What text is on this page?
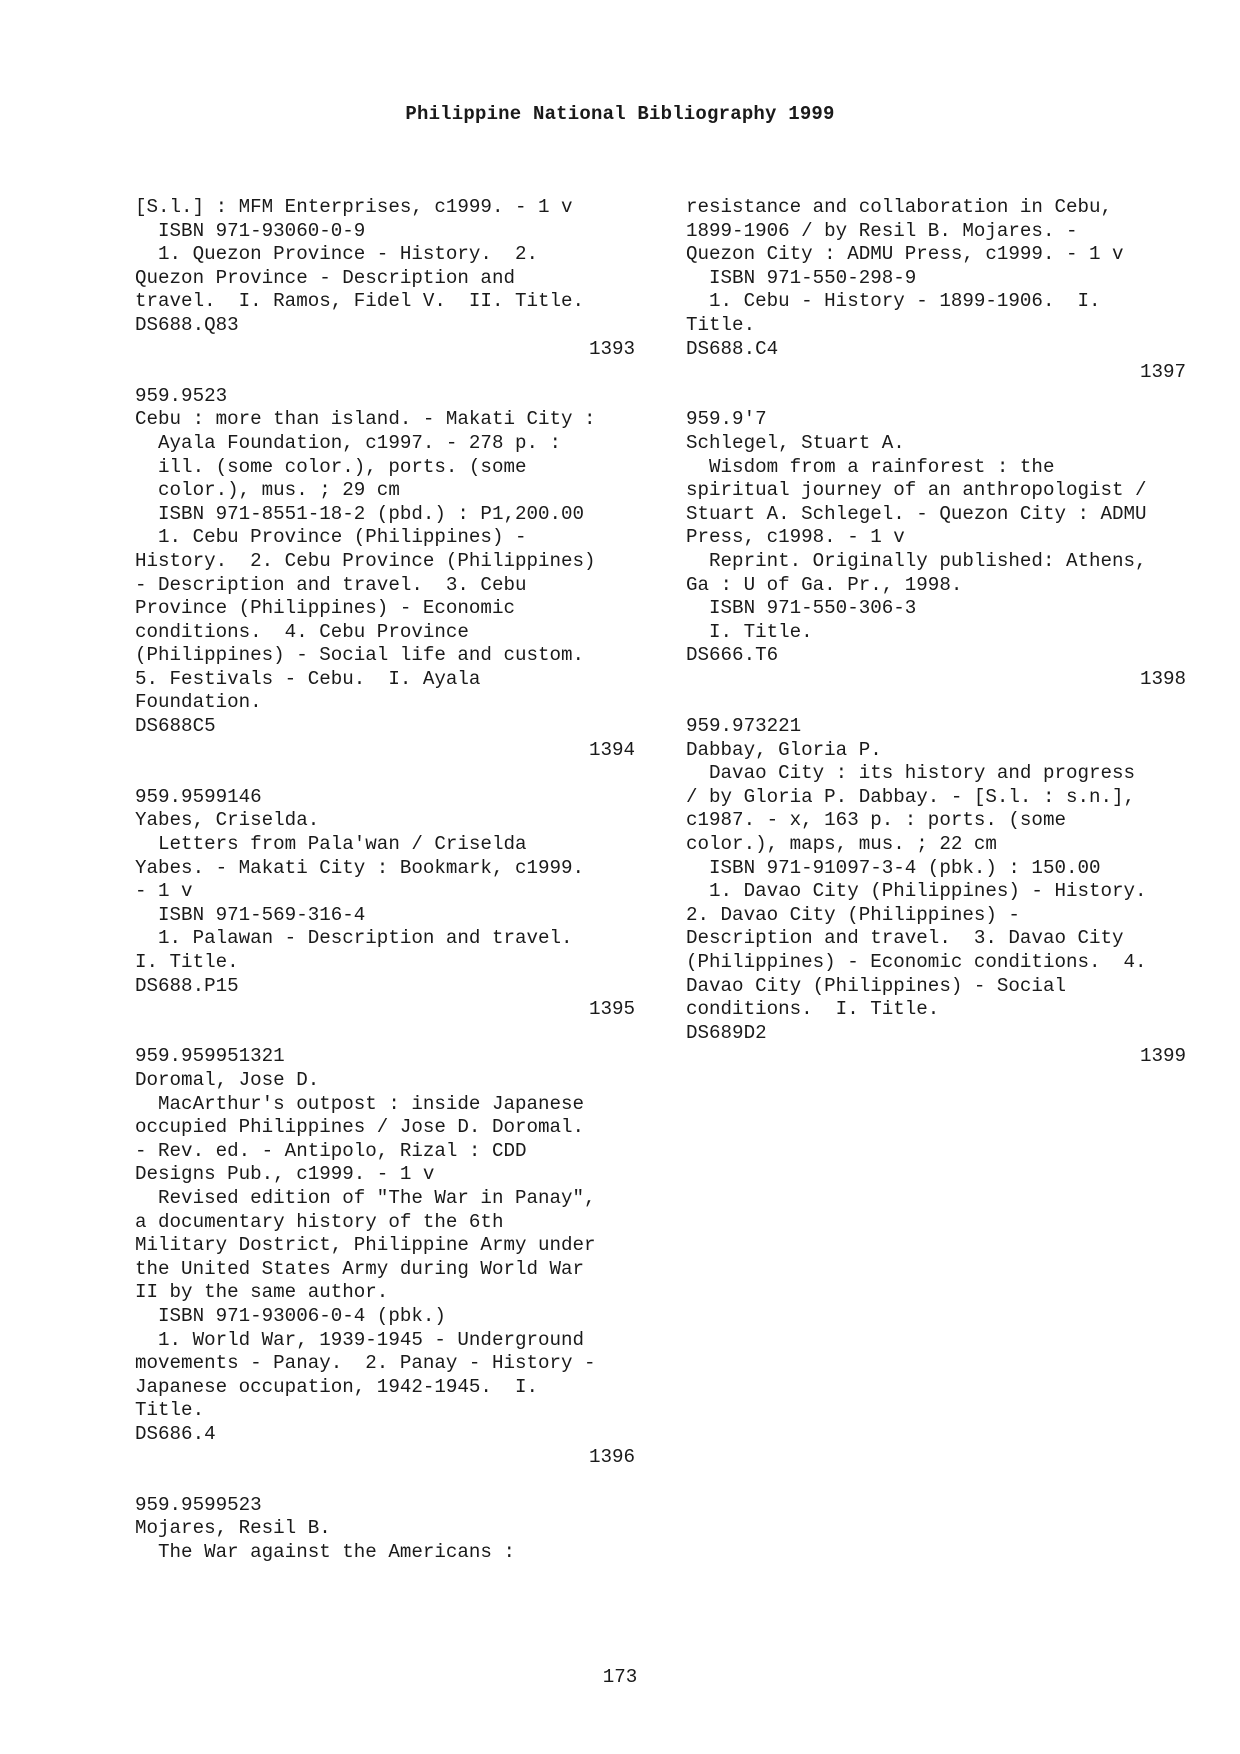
Philippine National Bibliography 1999
[S.l.] : MFM Enterprises, c1999. - 1 v
ISBN 971-93060-0-9
1. Quezon Province - History.  2.
Quezon Province - Description and
travel.  I. Ramos, Fidel V.  II. Title.
DS688.Q83
1393
959.9523
Cebu : more than island. - Makati City :
Ayala Foundation, c1997. - 278 p. :
ill. (some color.), ports. (some
color.), mus. ; 29 cm
ISBN 971-8551-18-2 (pbd.) : P1,200.00
1. Cebu Province (Philippines) -
History.  2. Cebu Province (Philippines)
- Description and travel.  3. Cebu
Province (Philippines) - Economic
conditions.  4. Cebu Province
(Philippines) - Social life and custom.
5. Festivals - Cebu.  I. Ayala
Foundation.
DS688C5
1394
959.9599146
Yabes, Criselda.
Letters from Pala'wan / Criselda
Yabes. - Makati City : Bookmark, c1999.
- 1 v
ISBN 971-569-316-4
1. Palawan - Description and travel.
I. Title.
DS688.P15
1395
959.959951321
Doromal, Jose D.
MacArthur's outpost : inside Japanese
occupied Philippines / Jose D. Doromal.
- Rev. ed. - Antipolo, Rizal : CDD
Designs Pub., c1999. - 1 v
Revised edition of "The War in Panay",
a documentary history of the 6th
Military Dostrict, Philippine Army under
the United States Army during World War
II by the same author.
ISBN 971-93006-0-4 (pbk.)
1. World War, 1939-1945 - Underground
movements - Panay.  2. Panay - History -
Japanese occupation, 1942-1945.  I.
Title.
DS686.4
1396
959.9599523
Mojares, Resil B.
The War against the Americans :
resistance and collaboration in Cebu,
1899-1906 / by Resil B. Mojares. -
Quezon City : ADMU Press, c1999. - 1 v
ISBN 971-550-298-9
1. Cebu - History - 1899-1906.  I.
Title.
DS688.C4
1397
959.9'7
Schlegel, Stuart A.
Wisdom from a rainforest : the
spiritual journey of an anthropologist /
Stuart A. Schlegel. - Quezon City : ADMU
Press, c1998. - 1 v
Reprint. Originally published: Athens,
Ga : U of Ga. Pr., 1998.
ISBN 971-550-306-3
I. Title.
DS666.T6
1398
959.973221
Dabbay, Gloria P.
Davao City : its history and progress
/ by Gloria P. Dabbay. - [S.l. : s.n.],
c1987. - x, 163 p. : ports. (some
color.), maps, mus. ; 22 cm
ISBN 971-91097-3-4 (pbk.) : 150.00
1. Davao City (Philippines) - History.
2. Davao City (Philippines) -
Description and travel.  3. Davao City
(Philippines) - Economic conditions.  4.
Davao City (Philippines) - Social
conditions.  I. Title.
DS689D2
1399
173
